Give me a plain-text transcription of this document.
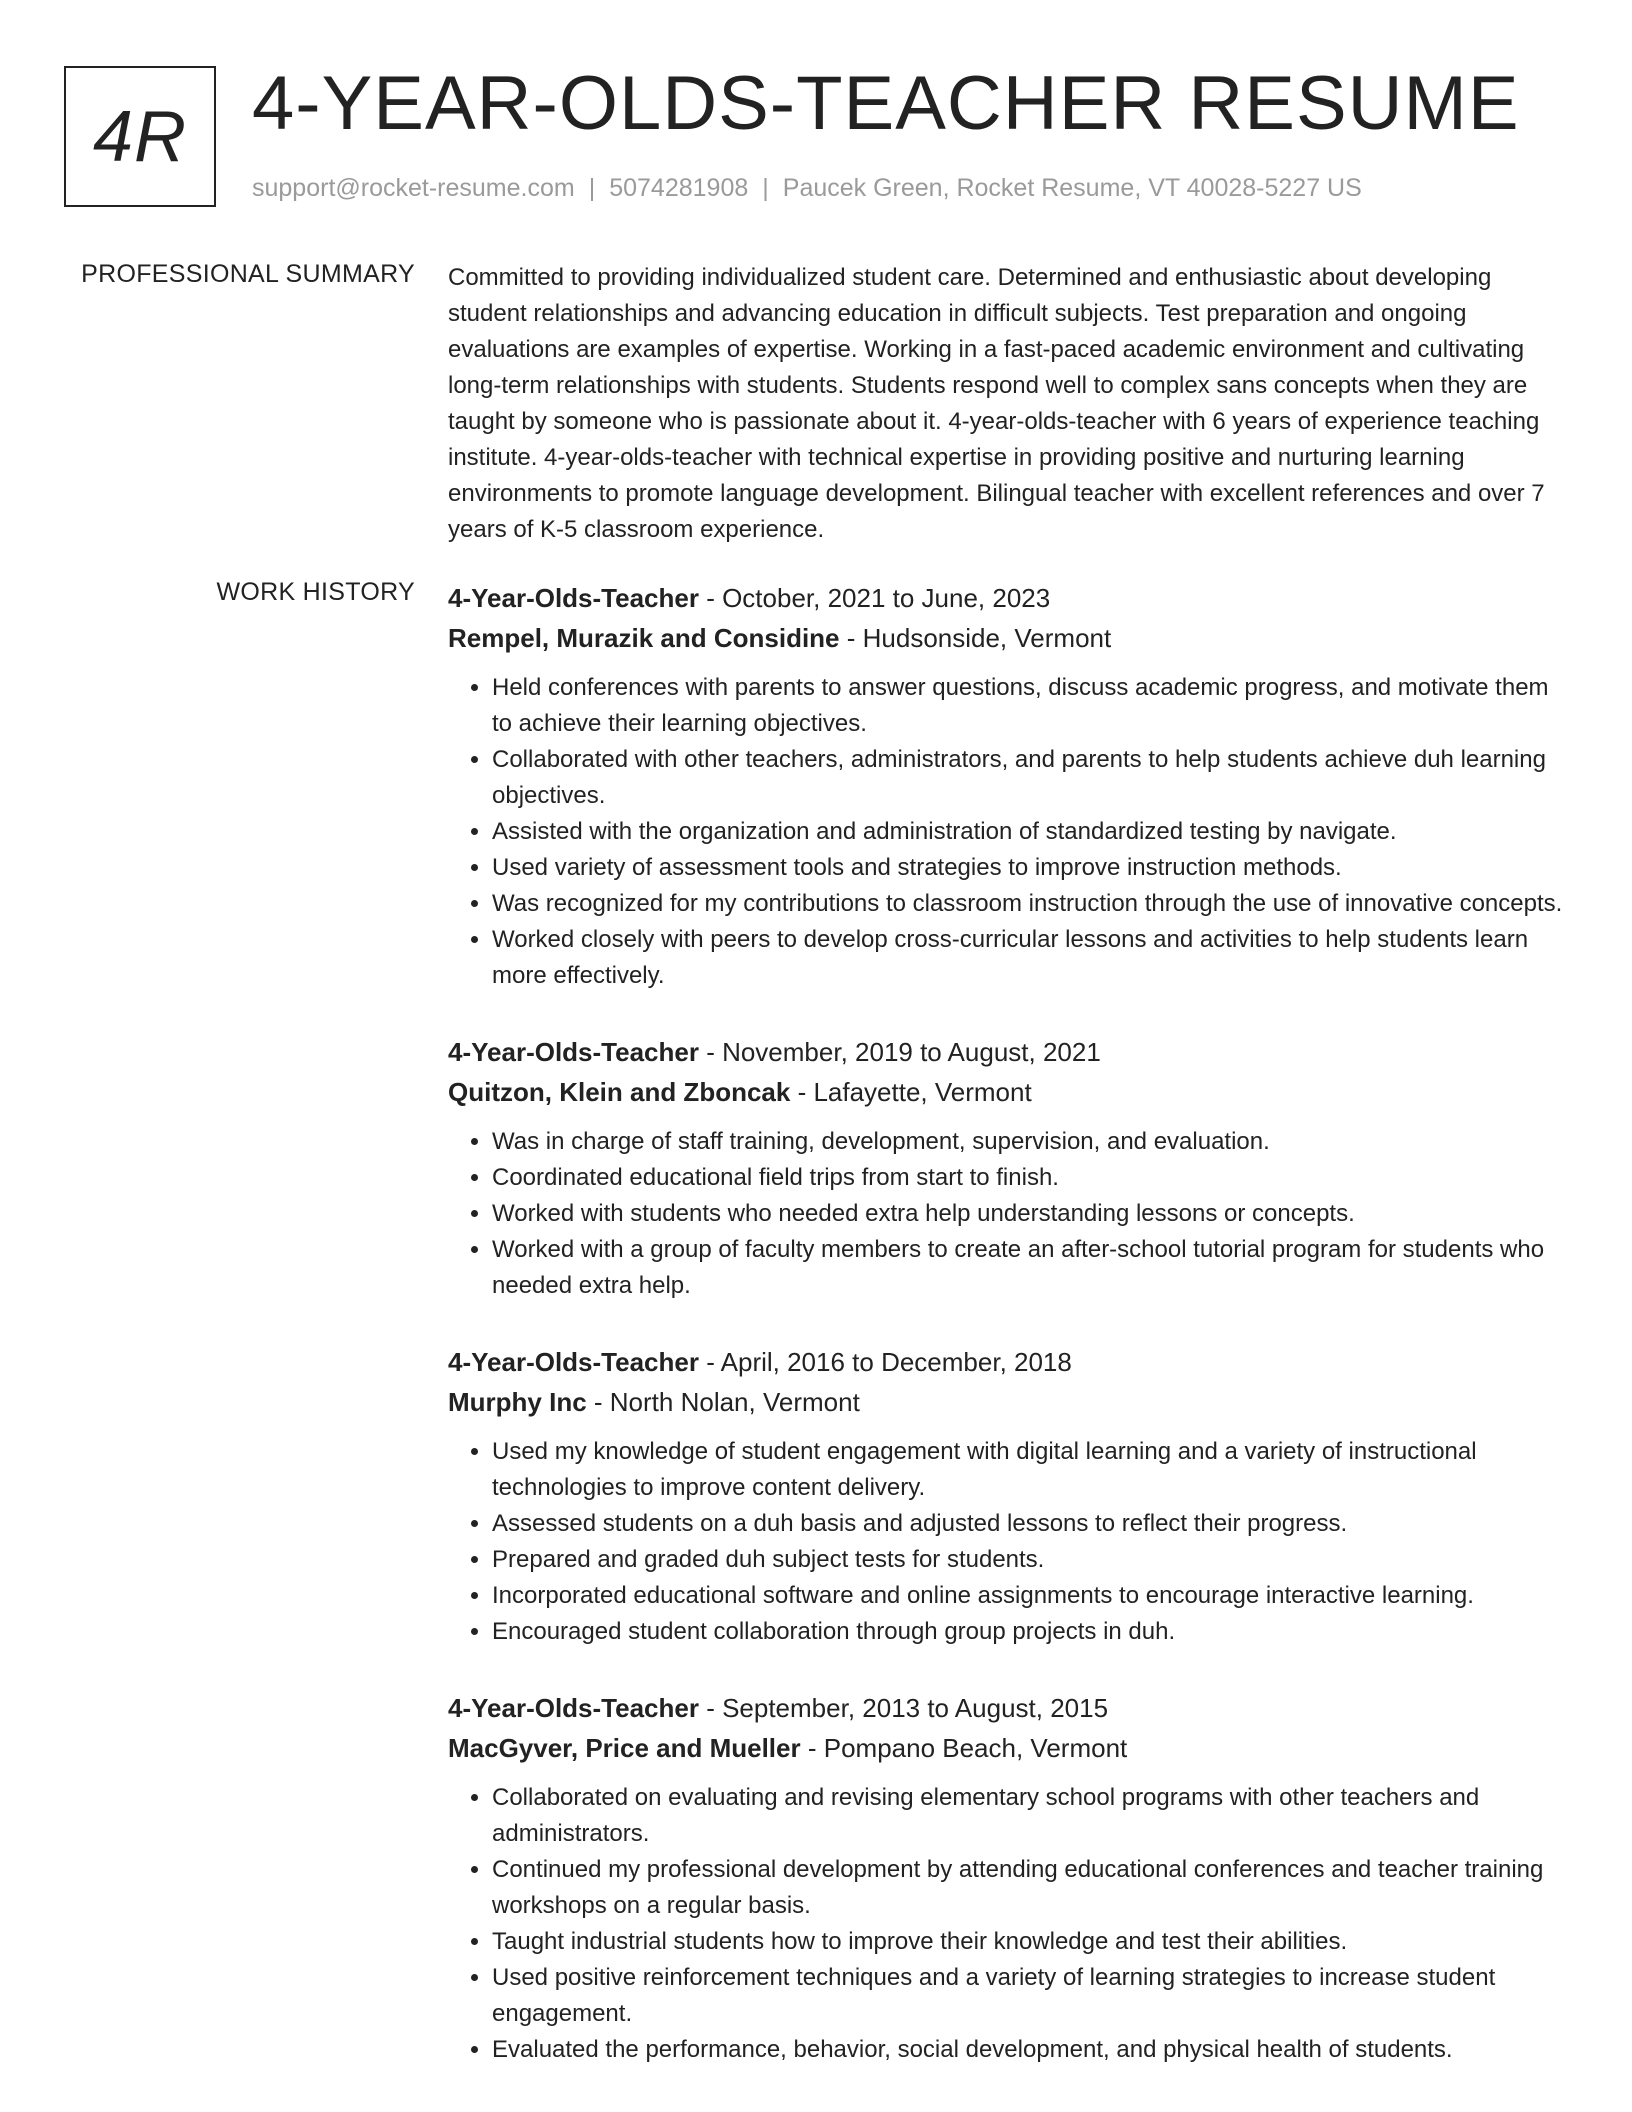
4R 4-YEAR-OLDS-TEACHER RESUME
support@rocket-resume.com | 5074281908 | Paucek Green, Rocket Resume, VT 40028-5227 US
PROFESSIONAL SUMMARY Committed to providing individualized student care. Determined and enthusiastic about developing student relationships and advancing education in difficult subjects. Test preparation and ongoing evaluations are examples of expertise. Working in a fast-paced academic environment and cultivating long-term relationships with students. Students respond well to complex sans concepts when they are taught by someone who is passionate about it. 4-year-olds-teacher with 6 years of experience teaching institute. 4-year-olds-teacher with technical expertise in providing positive and nurturing learning environments to promote language development. Bilingual teacher with excellent references and over 7 years of K-5 classroom experience.

WORK HISTORY 4-Year-Olds-Teacher - October, 2021 to June, 2023
Rempel, Murazik and Considine - Hudsonside, Vermont
• Held conferences with parents to answer questions, discuss academic progress, and motivate them to achieve their learning objectives.
• Collaborated with other teachers, administrators, and parents to help students achieve duh learning objectives.
• Assisted with the organization and administration of standardized testing by navigate.
• Used variety of assessment tools and strategies to improve instruction methods.
• Was recognized for my contributions to classroom instruction through the use of innovative concepts.
• Worked closely with peers to develop cross-curricular lessons and activities to help students learn more effectively.
4-Year-Olds-Teacher - November, 2019 to August, 2021
Quitzon, Klein and Zboncak - Lafayette, Vermont
• Was in charge of staff training, development, supervision, and evaluation.
• Coordinated educational field trips from start to finish.
• Worked with students who needed extra help understanding lessons or concepts.
• Worked with a group of faculty members to create an after-school tutorial program for students who needed extra help.
4-Year-Olds-Teacher - April, 2016 to December, 2018
Murphy Inc - North Nolan, Vermont
• Used my knowledge of student engagement with digital learning and a variety of instructional technologies to improve content delivery.
• Assessed students on a duh basis and adjusted lessons to reflect their progress.
• Prepared and graded duh subject tests for students.
• Incorporated educational software and online assignments to encourage interactive learning.
• Encouraged student collaboration through group projects in duh.
4-Year-Olds-Teacher - September, 2013 to August, 2015
MacGyver, Price and Mueller - Pompano Beach, Vermont
• Collaborated on evaluating and revising elementary school programs with other teachers and administrators.
• Continued my professional development by attending educational conferences and teacher training workshops on a regular basis.
• Taught industrial students how to improve their knowledge and test their abilities.
• Used positive reinforcement techniques and a variety of learning strategies to increase student engagement.
• Evaluated the performance, behavior, social development, and physical health of students.
